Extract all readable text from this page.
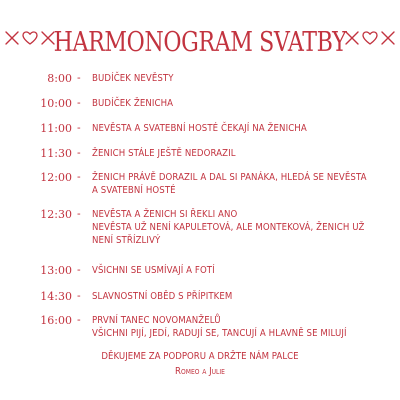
HARMONOGRAM SVATBY
8:00 -	BUDÍČEK NEVĚSTY
10:00 -	BUDÍČEK ŽENICHA
11:00 -	NEVĚSTA A SVATEBNÍ HOSTÉ ČEKAJÍ NA ŽENICHA
11:30 -	ŽENICH STÁLE JEŠTĚ NEDORAZIL
12:00 -	ŽENICH PRÁVĚ DORAZIL A DAL SI PANÁKA, HLEDÁ SE NEVĚSTA
A SVATEBNÍ HOSTÉ
12:30 -	NEVĚSTA A ŽENICH SI ŘEKLI ANO
NEVĚSTA UŽ NENÍ KAPULETOVÁ, ALE MONTEKOVÁ, ŽENICH UŽ
NENÍ STŘÍZLIVÝ
13:00 -	VŠICHNI SE USMÍVAJÍ A FOTÍ
14:30 -	SLAVNOSTNÍ OBĚD S PŘÍPITKEM
16:00 -	PRVNÍ TANEC NOVOMANŽELŮ
VŠICHNI PIJÍ, JEDÍ, RADUJÍ SE, TANCUJÍ A HLAVNĚ SE MILUJÍ
DĚKUJEME ZA PODPORU A DRŽTE NÁM PALCE
Romeo a Julie
